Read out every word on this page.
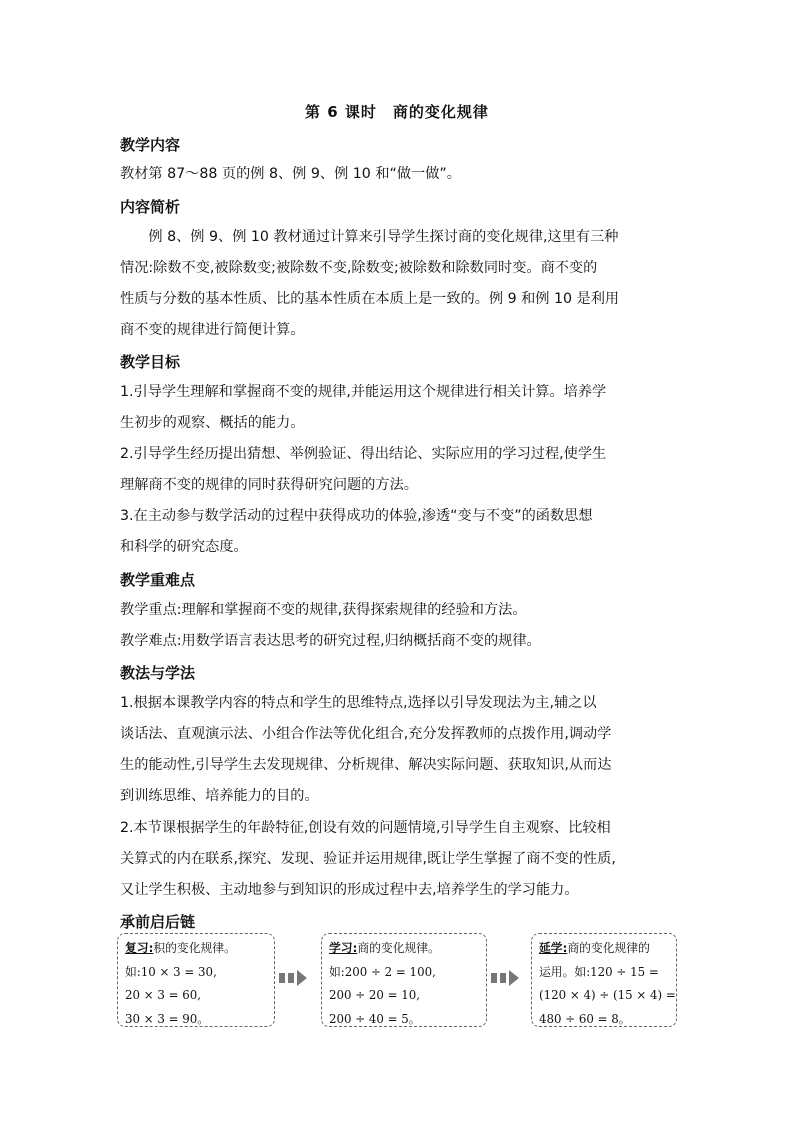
第 6 课时　商的变化规律
教学内容
教材第 87～88 页的例 8、例 9、例 10 和“做一做”。
内容简析
　　例 8、例 9、例 10 教材通过计算来引导学生探讨商的变化规律,这里有三种
情况:除数不变,被除数变;被除数不变,除数变;被除数和除数同时变。商不变的
性质与分数的基本性质、比的基本性质在本质上是一致的。例 9 和例 10 是利用
商不变的规律进行简便计算。
教学目标
1.引导学生理解和掌握商不变的规律,并能运用这个规律进行相关计算。培养学
生初步的观察、概括的能力。
2.引导学生经历提出猜想、举例验证、得出结论、实际应用的学习过程,使学生
理解商不变的规律的同时获得研究问题的方法。
3.在主动参与数学活动的过程中获得成功的体验,渗透“变与不变”的函数思想
和科学的研究态度。
教学重难点
教学重点:理解和掌握商不变的规律,获得探索规律的经验和方法。
教学难点:用数学语言表达思考的研究过程,归纳概括商不变的规律。
教法与学法
1.根据本课教学内容的特点和学生的思维特点,选择以引导发现法为主,辅之以
谈话法、直观演示法、小组合作法等优化组合,充分发挥教师的点拨作用,调动学
生的能动性,引导学生去发现规律、分析规律、解决实际问题、获取知识,从而达
到训练思维、培养能力的目的。
2.本节课根据学生的年龄特征,创设有效的问题情境,引导学生自主观察、比较相
关算式的内在联系,探究、发现、验证并运用规律,既让学生掌握了商不变的性质,
又让学生积极、主动地参与到知识的形成过程中去,培养学生的学习能力。
承前启后链
复习:积的变化规律。
如:10 × 3 = 30,
20 × 3 = 60,
30 × 3 = 90。
学习:商的变化规律。
如:200 ÷ 2 = 100,
200 ÷ 20 = 10,
200 ÷ 40 = 5。
延学:商的变化规律的
运用。如:120 ÷ 15 =
(120 × 4) ÷ (15 × 4) =
480 ÷ 60 = 8。
